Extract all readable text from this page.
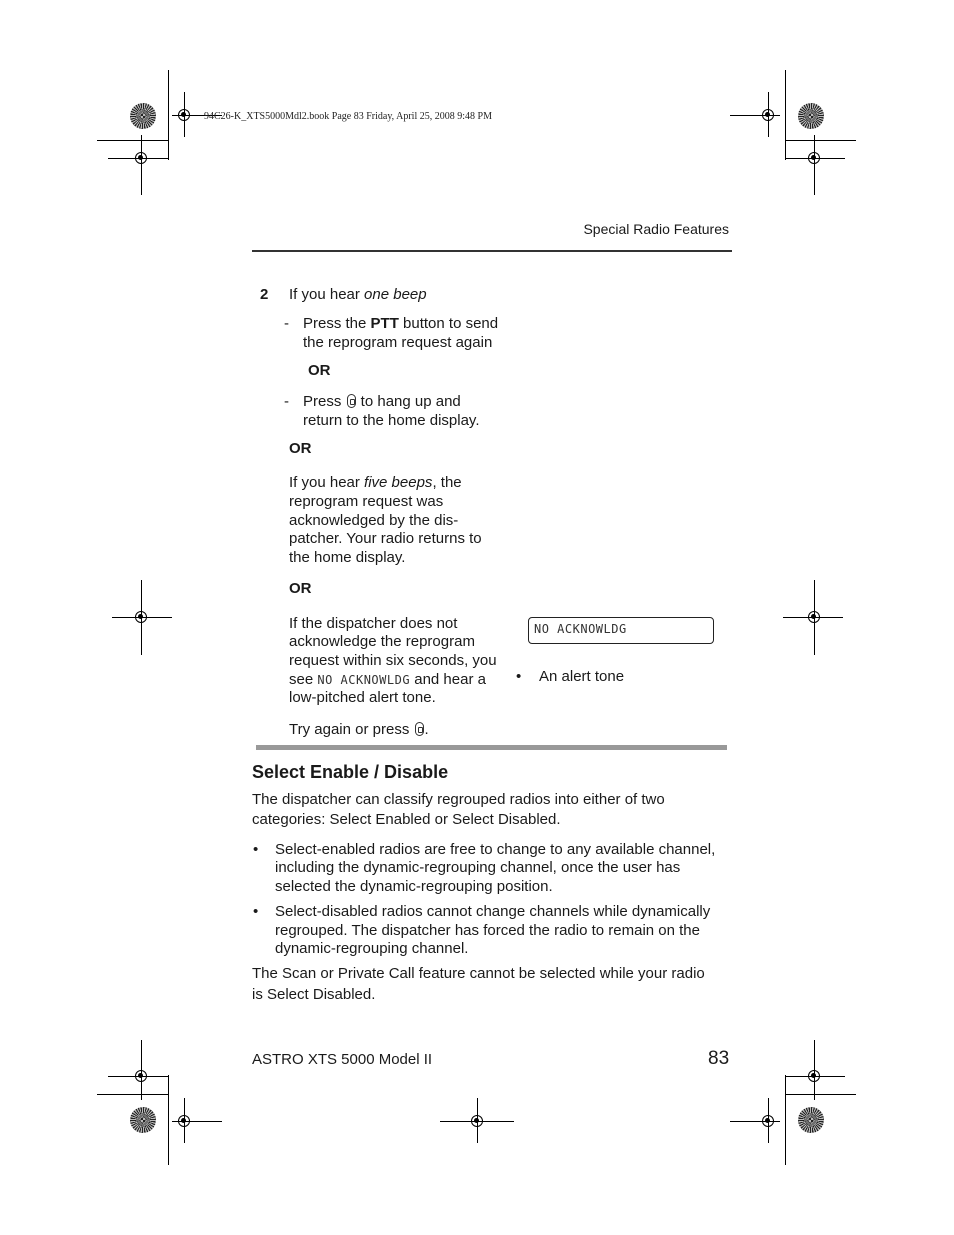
94C26-K_XTS5000Mdl2.book Page 83 Friday, April 25, 2008 9:48 PM
Special Radio Features
2 If you hear one beep
- Press the PTT button to send
the reprogram request again
OR
- Press  to hang up and
return to the home display.
OR
If you hear five beeps, the
reprogram request was
acknowledged by the dis-
patcher. Your radio returns to
the home display.
OR
If the dispatcher does not
acknowledge the reprogram
request within six seconds, you
see NO ACKNOWLDG and hear a
low-pitched alert tone.
Try again or press .
NO ACKNOWLDG
• An alert tone
Select Enable / Disable
The dispatcher can classify regrouped radios into either of two
categories: Select Enabled or Select Disabled.
• Select-enabled radios are free to change to any available channel,
including the dynamic-regrouping channel, once the user has
selected the dynamic-regrouping position.
• Select-disabled radios cannot change channels while dynamically
regrouped. The dispatcher has forced the radio to remain on the
dynamic-regrouping channel.
The Scan or Private Call feature cannot be selected while your radio
is Select Disabled.
ASTRO XTS 5000 Model II	83
